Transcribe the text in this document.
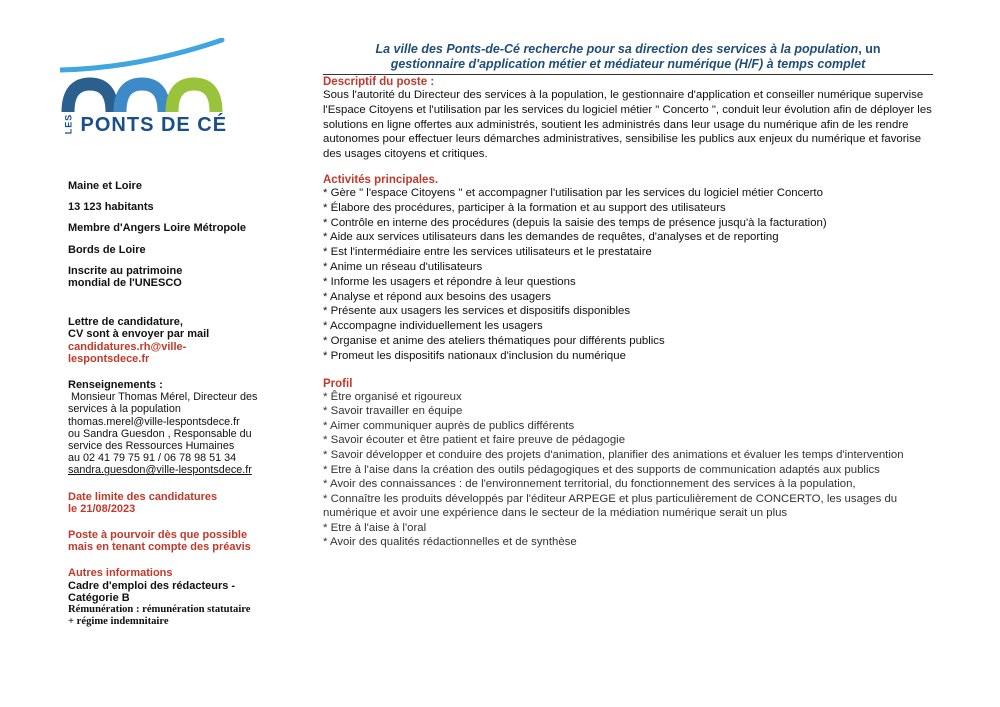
LES PONTS DE CÉ
Maine et Loire
13 123 habitants
Membre d'Angers Loire Métropole
Bords de Loire
Inscrite au patrimoine
mondial de l'UNESCO
Lettre de candidature,
CV sont à envoyer par mail
candidatures.rh@ville-
lespontsdece.fr
Renseignements :
Monsieur Thomas Mérel, Directeur des
services à la population
thomas.merel@ville-lespontsdece.fr
ou Sandra Guesdon , Responsable du
service des Ressources Humaines
au 02 41 79 75 91 / 06 78 98 51 34
sandra.guesdon@ville-lespontsdece.fr
Date limite des candidatures
le 21/08/2023
Poste à pourvoir dès que possible
mais en tenant compte des préavis
Autres informations
Cadre d'emploi des rédacteurs -
Catégorie B
Rémunération : rémunération statutaire
+ régime indemnitaire
La ville des Ponts-de-Cé recherche pour sa direction des services à la population, un
gestionnaire d'application métier et médiateur numérique (H/F) à temps complet
Descriptif du poste :
Sous l'autorité du Directeur des services à la population, le gestionnaire d'application et conseiller numérique supervise l'Espace Citoyens et l'utilisation par les services du logiciel métier " Concerto ", conduit leur évolution afin de déployer les solutions en ligne offertes aux administrés, soutient les administrés dans leur usage du numérique afin de les rendre autonomes pour effectuer leurs démarches administratives, sensibilise les publics aux enjeux du numérique et favorise des usages citoyens et critiques.
Activités principales.
* Gère " l'espace Citoyens " et accompagner l'utilisation par les services du logiciel métier Concerto
* Élabore des procédures, participer à la formation et au support des utilisateurs
* Contrôle en interne des procédures (depuis la saisie des temps de présence jusqu'à la facturation)
* Aide aux services utilisateurs dans les demandes de requêtes, d'analyses et de reporting
* Est l'intermédiaire entre les services utilisateurs et le prestataire
* Anime un réseau d'utilisateurs
* Informe les usagers et répondre à leur questions
* Analyse et répond aux besoins des usagers
* Présente aux usagers les services et dispositifs disponibles
* Accompagne individuellement les usagers
* Organise et anime des ateliers thématiques pour différents publics
* Promeut les dispositifs nationaux d'inclusion du numérique
Profil
* Être organisé et rigoureux
* Savoir travailler en équipe
* Aimer communiquer auprès de publics différents
* Savoir écouter et être patient et faire preuve de pédagogie
* Savoir développer et conduire des projets d'animation, planifier des animations et évaluer les temps d'intervention
* Etre à l'aise dans la création des outils pédagogiques et des supports de communication adaptés aux publics
* Avoir des connaissances : de l'environnement territorial, du fonctionnement des services à la population,
* Connaître les produits développés par l'éditeur ARPEGE et plus particulièrement de CONCERTO, les usages du numérique et avoir une expérience dans le secteur de la médiation numérique serait un plus
* Etre à l'aise à l'oral
* Avoir des qualités rédactionnelles et de synthèse
